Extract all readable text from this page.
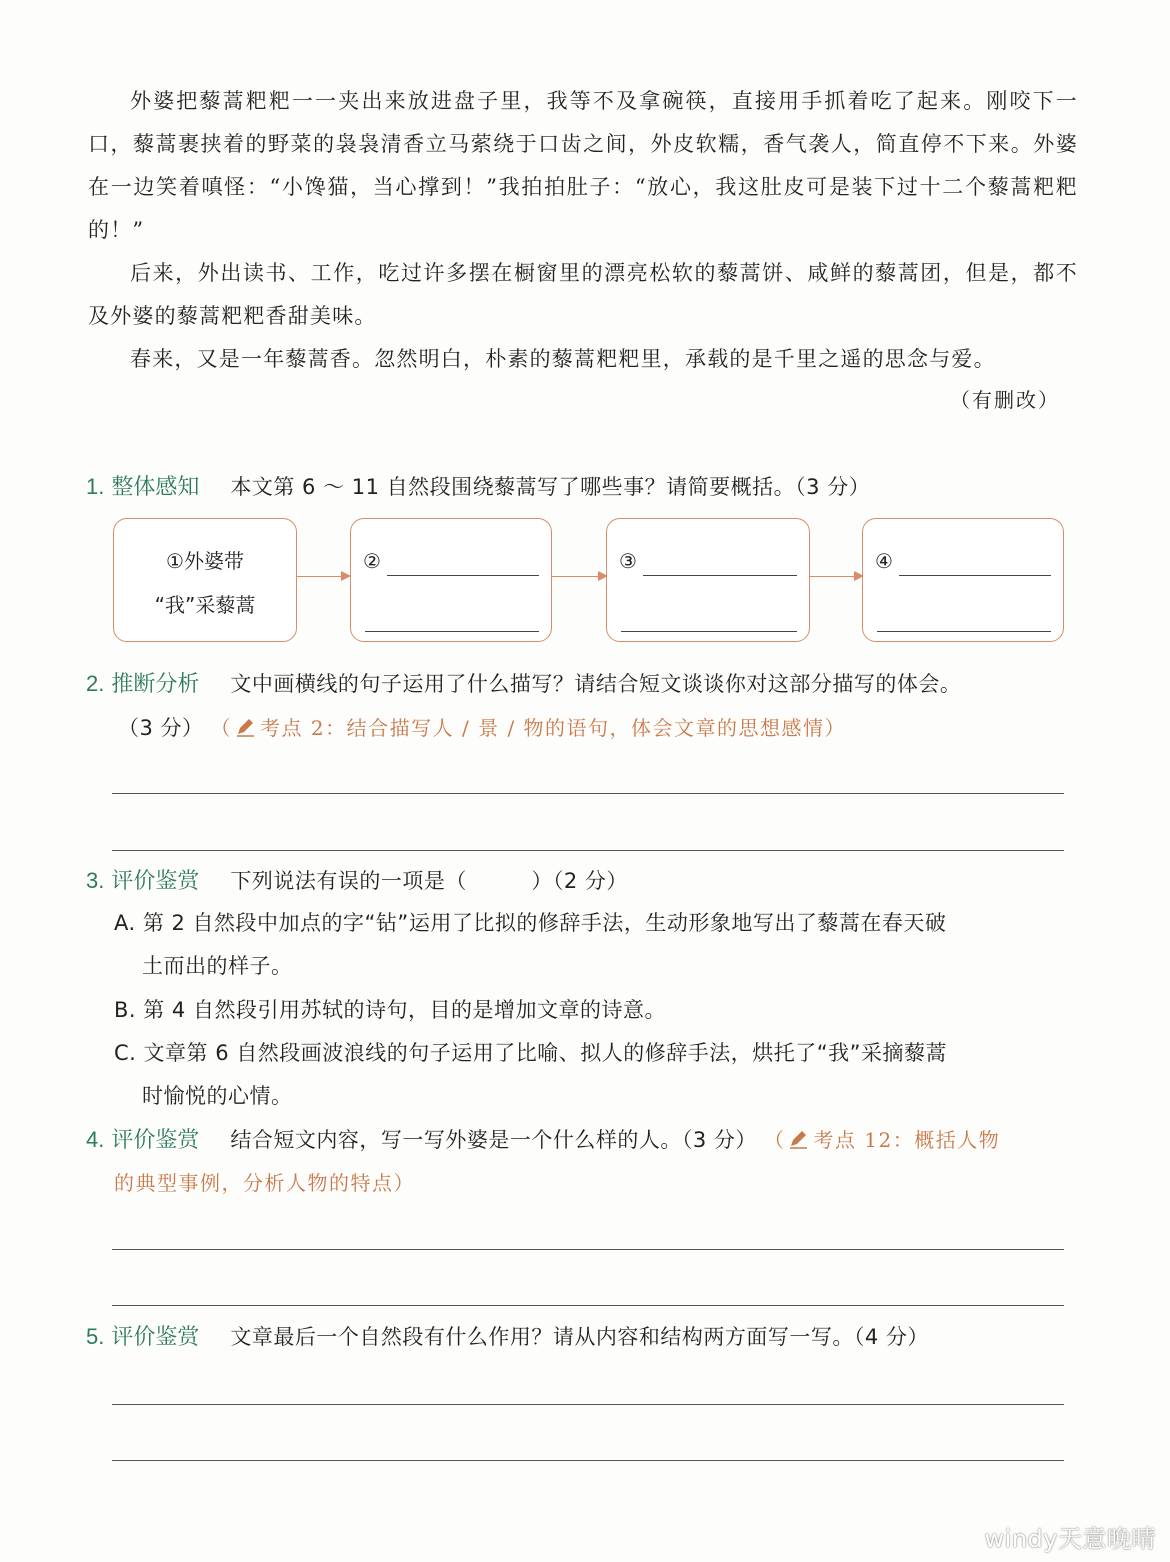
外婆把藜蒿粑粑一一夹出来放进盘子里，我等不及拿碗筷，直接用手抓着吃了起来。刚咬下一口，藜蒿裹挟着的野菜的袅袅清香立马萦绕于口齿之间，外皮软糯，香气袭人，简直停不下来。外婆在一边笑着嗔怪：“小馋猫，当心撑到！”我拍拍肚子：“放心，我这肚皮可是装下过十二个藜蒿粑粑的！”

后来，外出读书、工作，吃过许多摆在橱窗里的漂亮松软的藜蒿饼、咸鲜的藜蒿团，但是，都不及外婆的藜蒿粑粑香甜美味。

春来，又是一年藜蒿香。忽然明白，朴素的藜蒿粑粑里，承载的是千里之遥的思念与爱。

（有删改）
1. 整体感知 本文第 6 ～ 11 自然段围绕藜蒿写了哪些事？请简要概括。（3 分）
①外婆带
“我”采藜蒿
②	③	④
2. 推断分析 文中画横线的句子运用了什么描写？请结合短文谈谈你对这部分描写的体会。
（3 分） （ 考点 2：结合描写人 / 景 / 物的语句，体会文章的思想感情）
3. 评价鉴赏 下列说法有误的一项是（　　　）（2 分）
A. 第 2 自然段中加点的字“钻”运用了比拟的修辞手法，生动形象地写出了藜蒿在春天破
土而出的样子。
B. 第 4 自然段引用苏轼的诗句，目的是增加文章的诗意。
C. 文章第 6 自然段画波浪线的句子运用了比喻、拟人的修辞手法，烘托了“我”采摘藜蒿
时愉悦的心情。
4. 评价鉴赏 结合短文内容，写一写外婆是一个什么样的人。（3 分） （ 考点 12：概括人物
的典型事例，分析人物的特点）
5. 评价鉴赏 文章最后一个自然段有什么作用？请从内容和结构两方面写一写。（4 分）
windy天意晚晴
